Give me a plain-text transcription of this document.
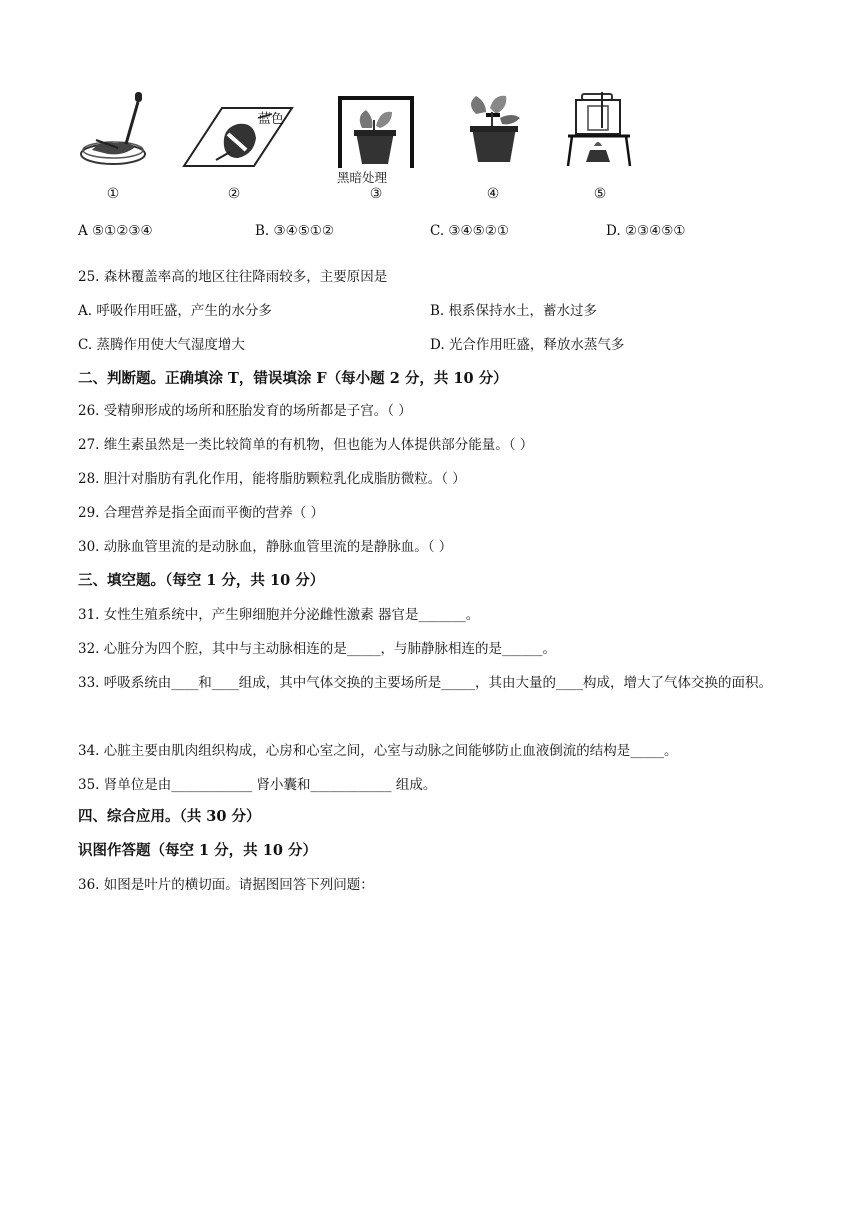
①
蓝色
②
黑暗处理
③	④	⑤
A ⑤①②③④	B. ③④⑤①②	C. ③④⑤②①	D. ②③④⑤①
25. 森林覆盖率高的地区往往降雨较多，主要原因是
A. 呼吸作用旺盛，产生的水分多	B. 根系保持水土，蓄水过多
C. 蒸腾作用使大气湿度增大	D. 光合作用旺盛，释放水蒸气多
二、判断题。正确填涂 T，错误填涂 F（每小题 2 分，共 10 分）
26. 受精卵形成的场所和胚胎发育的场所都是子宫。（ ）
27. 维生素虽然是一类比较简单的有机物，但也能为人体提供部分能量。（ ）
28. 胆汁对脂肪有乳化作用，能将脂肪颗粒乳化成脂肪微粒。（ ）
29. 合理营养是指全面而平衡的营养（ ）
30. 动脉血管里流的是动脉血，静脉血管里流的是静脉血。（ ）
三、填空题。（每空 1 分，共 10 分）
31. 女性生殖系统中，产生卵细胞并分泌雌性激素 器官是_______。
32. 心脏分为四个腔，其中与主动脉相连的是_____，与肺静脉相连的是______。
33. 呼吸系统由____和____组成，其中气体交换的主要场所是_____，其由大量的____构成，增大了气体交换的面积。
34. 心脏主要由肌肉组织构成，心房和心室之间，心室与动脉之间能够防止血液倒流的结构是_____。
35. 肾单位是由____________ 肾小囊和____________ 组成。
四、综合应用。（共 30 分）
识图作答题（每空 1 分，共 10 分）
36. 如图是叶片的横切面。请据图回答下列问题：
